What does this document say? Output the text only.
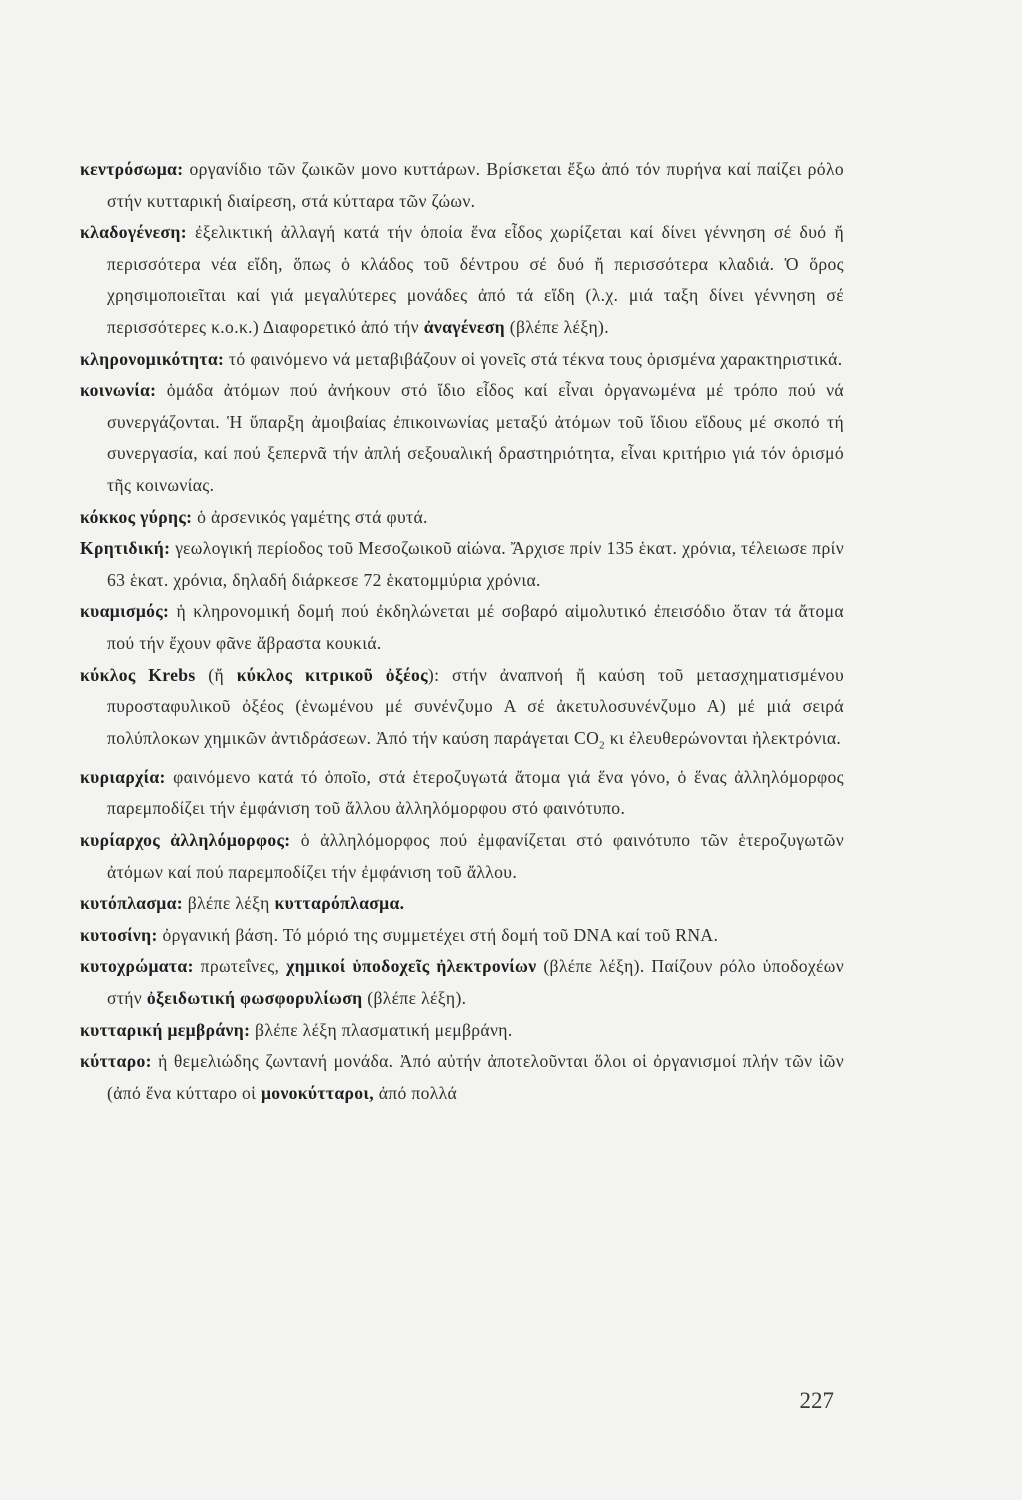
κεντρόσωμα: οργανίδιο τῶν ζωικῶν μονο κυττάρων. Βρίσκεται ἔξω ἀπό τόν πυρήνα καί παίζει ρόλο στήν κυτταρική διαίρεση, στά κύτταρα τῶν ζώων.

κλαδογένεση: ἐξελικτική ἀλλαγή κατά τήν ὁποία ἕνα εἶδος χωρίζεται καί δίνει γέννηση σέ δυό ἤ περισσότερα νέα εἴδη, ὅπως ὁ κλάδος τοῦ δέντρου σέ δυό ἤ περισσότερα κλαδιά. Ὁ ὅρος χρησιμοποιεῖται καί γιά μεγαλύτερες μονάδες ἀπό τά εἴδη (λ.χ. μιά ταξη δίνει γέννηση σέ περισσότερες κ.ο.κ.) Διαφορετικό ἀπό τήν ἀναγένεση (βλέπε λέξη).

κληρονομικότητα: τό φαινόμενο νά μεταβιβάζουν οἱ γονεῖς στά τέκνα τους ὁρισμένα χαρακτηριστικά.

κοινωνία: ὁμάδα ἀτόμων πού ἀνήκουν στό ἴδιο εἶδος καί εἶναι ὀργανωμένα μέ τρόπο πού νά συνεργάζονται. Ἡ ὕπαρξη ἀμοιβαίας ἐπικοινωνίας μεταξύ ἀτόμων τοῦ ἴδιου εἴδους μέ σκοπό τή συνεργασία, καί πού ξεπερνᾶ τήν ἁπλή σεξουαλική δραστηριότητα, εἶναι κριτήριο γιά τόν ὁρισμό τῆς κοινωνίας.

κόκκος γύρης: ὁ ἀρσενικός γαμέτης στά φυτά.

Κρητιδική: γεωλογική περίοδος τοῦ Μεσοζωικοῦ αἰώνα. Ἄρχισε πρίν 135 ἑκατ. χρόνια, τέλειωσε πρίν 63 ἑκατ. χρόνια, δηλαδή διάρκεσε 72 ἑκατομμύρια χρόνια.

κυαμισμός: ἡ κληρονομική δομή πού ἐκδηλώνεται μέ σοβαρό αἱμολυτικό ἐπεισόδιο ὅταν τά ἄτομα πού τήν ἔχουν φᾶνε ἄβραστα κουκιά.

κύκλος Krebs (ἤ κύκλος κιτρικοῦ ὀξέος): στήν ἀναπνοή ἤ καύση τοῦ μετασχηματισμένου πυροσταφυλικοῦ ὀξέος (ἑνωμένου μέ συνένζυμο Α σέ ἀκετυλοσυνένζυμο Α) μέ μιά σειρά πολύπλοκων χημικῶν ἀντιδράσεων. Ἀπό τήν καύση παράγεται $CO_2$ κι ἐλευθερώνονται ἠλεκτρόνια.

κυριαρχία: φαινόμενο κατά τό ὁποῖο, στά ἑτεροζυγωτά ἄτομα γιά ἕνα γόνο, ὁ ἕνας ἀλληλόμορφος παρεμποδίζει τήν ἐμφάνιση τοῦ ἄλλου ἀλληλόμορφου στό φαινότυπο.

κυρίαρχος ἀλληλόμορφος: ὁ ἀλληλόμορφος πού ἐμφανίζεται στό φαινότυπο τῶν ἑτεροζυγωτῶν ἀτόμων καί πού παρεμποδίζει τήν ἐμφάνιση τοῦ ἄλλου.

κυτόπλασμα: βλέπε λέξη κυτταρόπλασμα.

κυτοσίνη: ὀργανική βάση. Τό μόριό της συμμετέχει στή δομή τοῦ DNA καί τοῦ RNA.

κυτοχρώματα: πρωτεΐνες, χημικοί ὑποδοχεῖς ἠλεκτρονίων (βλέπε λέξη). Παίζουν ρόλο ὑποδοχέων στήν ὀξειδωτική φωσφορυλίωση (βλέπε λέξη).

κυτταρική μεμβράνη: βλέπε λέξη πλασματική μεμβράνη.

κύτταρο: ἡ θεμελιώδης ζωντανή μονάδα. Ἀπό αὐτήν ἀποτελοῦνται ὅλοι οἱ ὀργανισμοί πλήν τῶν ἰῶν (ἀπό ἕνα κύτταρο οἱ μονοκύτταροι, ἀπό πολλά

227
